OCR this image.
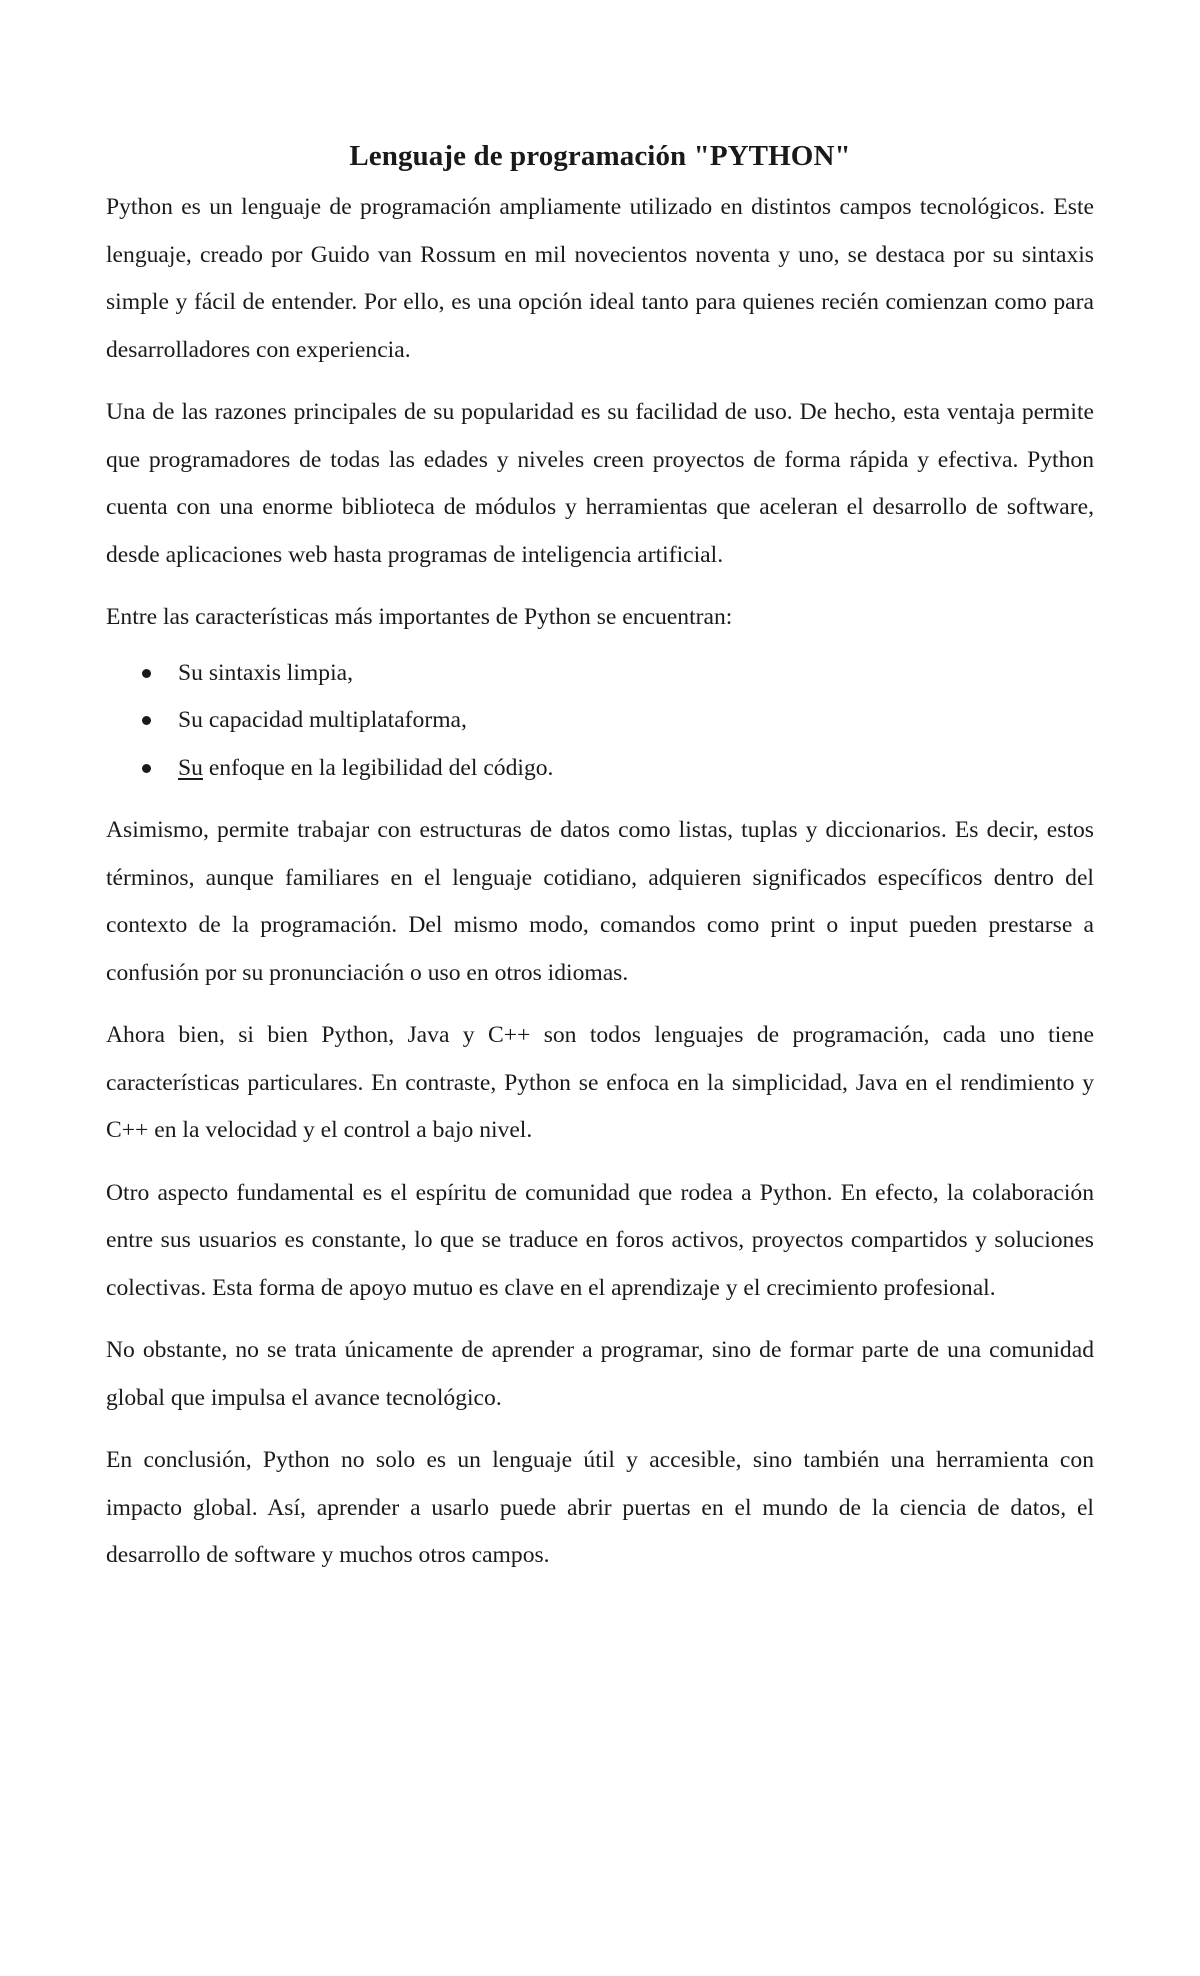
Lenguaje de programación "PYTHON"

Python es un lenguaje de programación ampliamente utilizado en distintos campos tecnológicos. Este lenguaje, creado por Guido van Rossum en mil novecientos noventa y uno, se destaca por su sintaxis simple y fácil de entender. Por ello, es una opción ideal tanto para quienes recién comienzan como para desarrolladores con experiencia.

Una de las razones principales de su popularidad es su facilidad de uso. De hecho, esta ventaja permite que programadores de todas las edades y niveles creen proyectos de forma rápida y efectiva. Python cuenta con una enorme biblioteca de módulos y herramientas que aceleran el desarrollo de software, desde aplicaciones web hasta programas de inteligencia artificial.

Entre las características más importantes de Python se encuentran:

Su sintaxis limpia,
Su capacidad multiplataforma,
Su enfoque en la legibilidad del código.

Asimismo, permite trabajar con estructuras de datos como listas, tuplas y diccionarios. Es decir, estos términos, aunque familiares en el lenguaje cotidiano, adquieren significados específicos dentro del contexto de la programación. Del mismo modo, comandos como print o input pueden prestarse a confusión por su pronunciación o uso en otros idiomas.

Ahora bien, si bien Python, Java y C++ son todos lenguajes de programación, cada uno tiene características particulares. En contraste, Python se enfoca en la simplicidad, Java en el rendimiento y C++ en la velocidad y el control a bajo nivel.

Otro aspecto fundamental es el espíritu de comunidad que rodea a Python. En efecto, la colaboración entre sus usuarios es constante, lo que se traduce en foros activos, proyectos compartidos y soluciones colectivas. Esta forma de apoyo mutuo es clave en el aprendizaje y el crecimiento profesional.

No obstante, no se trata únicamente de aprender a programar, sino de formar parte de una comunidad global que impulsa el avance tecnológico.

En conclusión, Python no solo es un lenguaje útil y accesible, sino también una herramienta con impacto global. Así, aprender a usarlo puede abrir puertas en el mundo de la ciencia de datos, el desarrollo de software y muchos otros campos.
